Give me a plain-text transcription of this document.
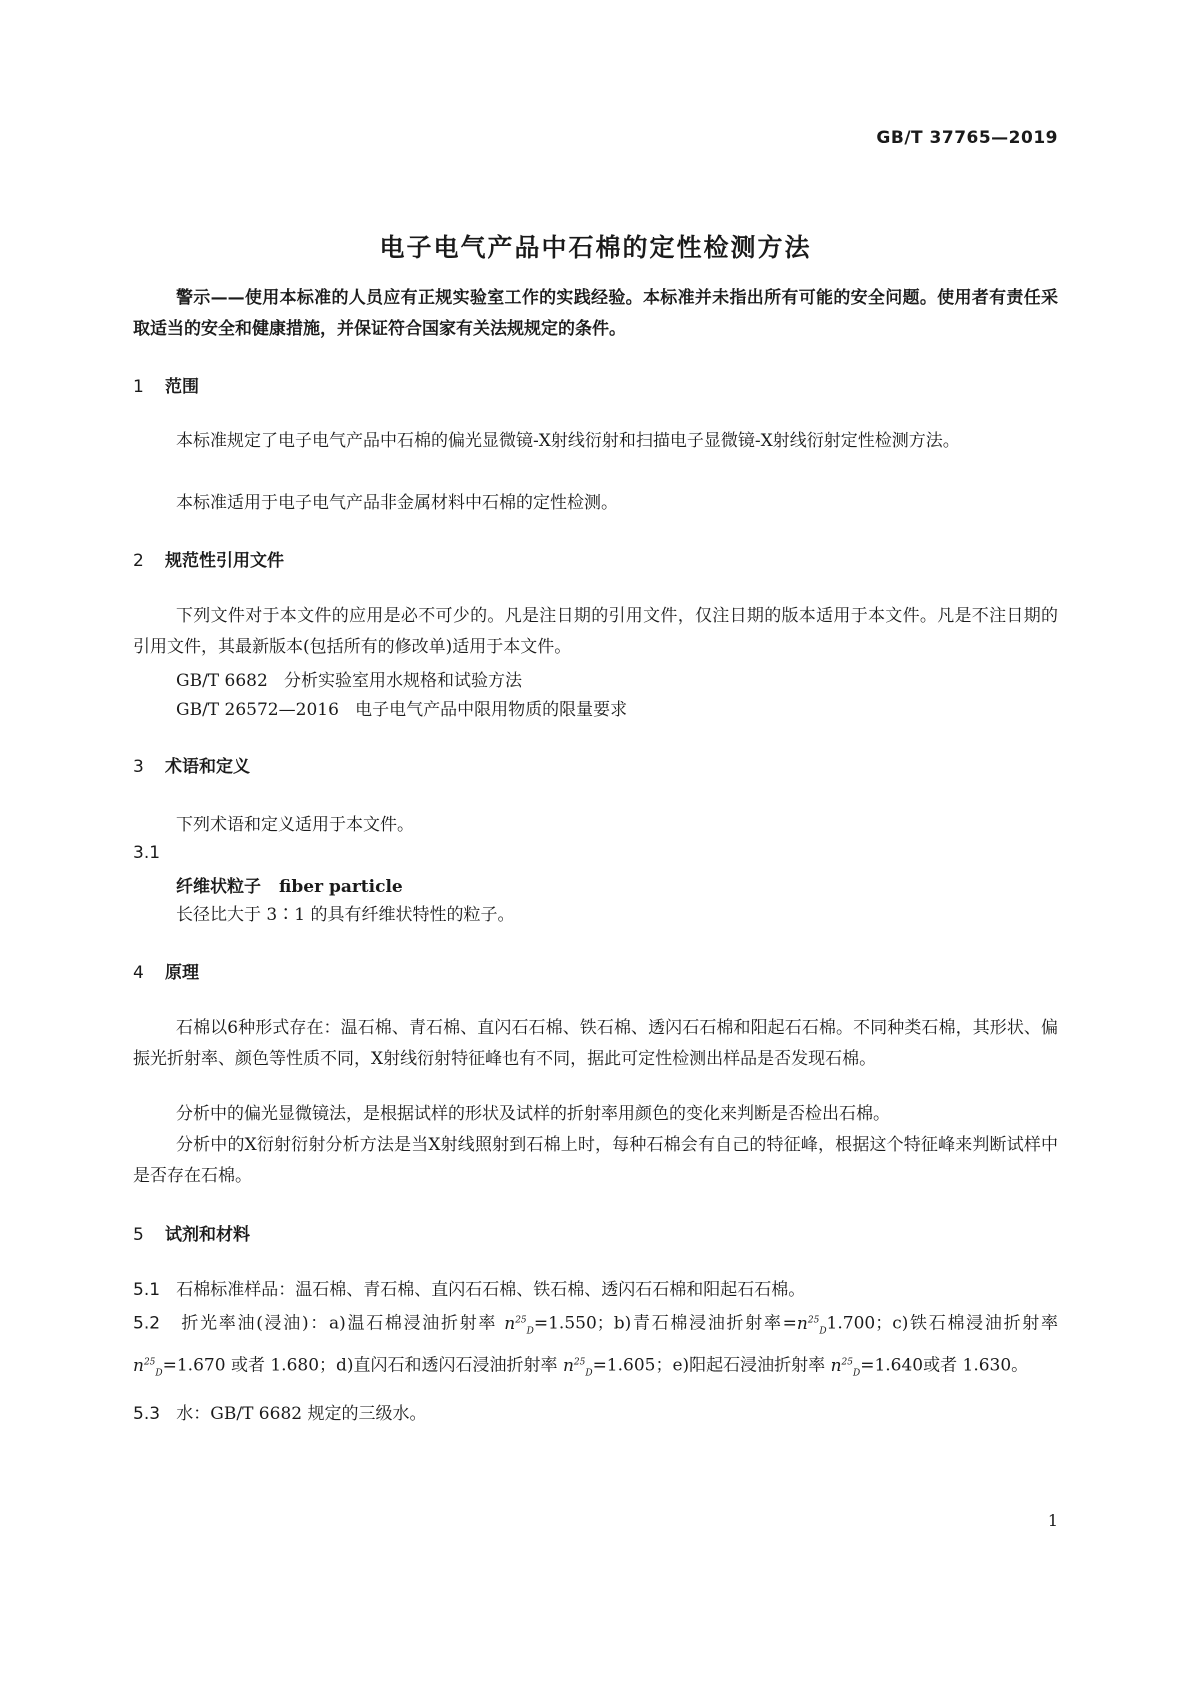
GB/T 37765—2019
电子电气产品中石棉的定性检测方法
警示——使用本标准的人员应有正规实验室工作的实践经验。本标准并未指出所有可能的安全问题。使用者有责任采取适当的安全和健康措施，并保证符合国家有关法规规定的条件。
1 范围
本标准规定了电子电气产品中石棉的偏光显微镜-X射线衍射和扫描电子显微镜-X射线衍射定性检测方法。
本标准适用于电子电气产品非金属材料中石棉的定性检测。
2 规范性引用文件
下列文件对于本文件的应用是必不可少的。凡是注日期的引用文件，仅注日期的版本适用于本文件。凡是不注日期的引用文件，其最新版本(包括所有的修改单)适用于本文件。
GB/T 6682 分析实验室用水规格和试验方法
GB/T 26572—2016 电子电气产品中限用物质的限量要求
3 术语和定义
下列术语和定义适用于本文件。
3.1
纤维状粒子 fiber particle
长径比大于 3∶1 的具有纤维状特性的粒子。
4 原理
石棉以6种形式存在：温石棉、青石棉、直闪石石棉、铁石棉、透闪石石棉和阳起石石棉。不同种类石棉，其形状、偏振光折射率、颜色等性质不同，X射线衍射特征峰也有不同，据此可定性检测出样品是否发现石棉。
分析中的偏光显微镜法，是根据试样的形状及试样的折射率用颜色的变化来判断是否检出石棉。
分析中的X衍射衍射分析方法是当X射线照射到石棉上时，每种石棉会有自己的特征峰，根据这个特征峰来判断试样中是否存在石棉。
5 试剂和材料
5.1 石棉标准样品：温石棉、青石棉、直闪石石棉、铁石棉、透闪石石棉和阳起石石棉。
5.2 折光率油(浸油)：a)温石棉浸油折射率 $n^{25}_D=1.550$；b)青石棉浸油折射率$=n^{25}_D1.700$；c)铁石棉浸油折射率 $n^{25}_D=1.670$ 或者 1.680；d)直闪石和透闪石浸油折射率 $n^{25}_D=1.605$；e)阳起石浸油折射率 $n^{25}_D=1.640$或者 1.630。
5.3 水：GB/T 6682 规定的三级水。
1
